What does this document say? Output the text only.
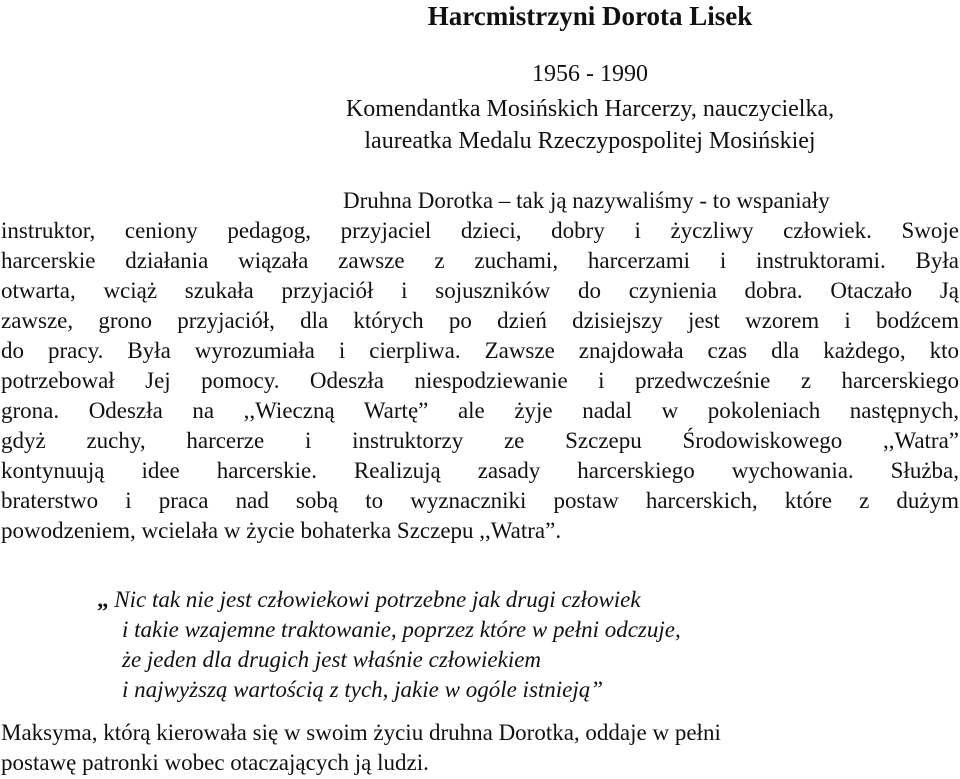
Harcmistrzyni Dorota Lisek
1956 - 1990
Komendantka Mosińskich Harcerzy, nauczycielka,
laureatka Medalu Rzeczypospolitej Mosińskiej
Druhna Dorotka – tak ją nazywaliśmy - to wspaniały
instruktor, ceniony pedagog, przyjaciel dzieci, dobry i życzliwy człowiek. Swoje
harcerskie działania wiązała zawsze z zuchami, harcerzami i instruktorami. Była
otwarta, wciąż szukała przyjaciół i sojuszników do czynienia dobra. Otaczało Ją
zawsze, grono przyjaciół, dla których po dzień dzisiejszy jest wzorem i bodźcem
do pracy. Była wyrozumiała i cierpliwa. Zawsze znajdowała czas dla każdego, kto
potrzebował Jej pomocy. Odeszła niespodziewanie i przedwcześnie z harcerskiego
grona. Odeszła na ,,Wieczną Wartę” ale żyje nadal w pokoleniach następnych,
gdyż zuchy, harcerze i instruktorzy ze Szczepu Środowiskowego ,,Watra”
kontynuują idee harcerskie. Realizują zasady harcerskiego wychowania. Służba,
braterstwo i praca nad sobą to wyznaczniki postaw harcerskich, które z dużym
powodzeniem, wcielała w życie bohaterka Szczepu ,,Watra”.
„ Nic tak nie jest człowiekowi potrzebne jak drugi człowiek
i takie wzajemne traktowanie, poprzez które w pełni odczuje,
że jeden dla drugich jest właśnie człowiekiem
i najwyższą wartością z tych, jakie w ogóle istnieją”
Maksyma, którą kierowała się w swoim życiu druhna Dorotka, oddaje w pełni
postawę patronki wobec otaczających ją ludzi.
